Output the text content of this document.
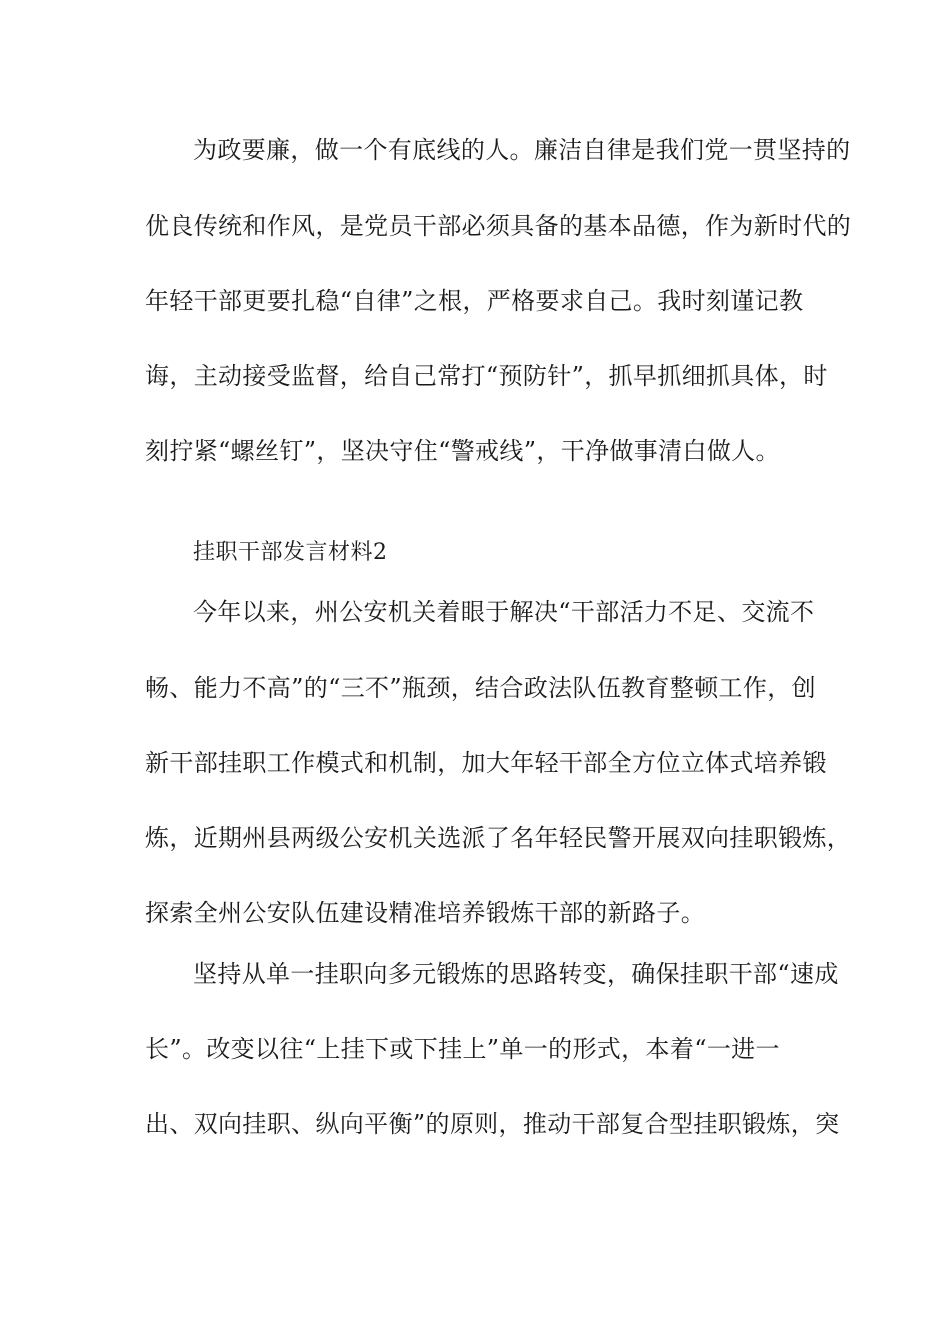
为政要廉，做一个有底线的人。廉洁自律是我们党一贯坚持的
优良传统和作风，是党员干部必须具备的基本品德，作为新时代的
年轻干部更要扎稳“自律”之根，严格要求自己。我时刻谨记教
诲，主动接受监督，给自己常打“预防针”，抓早抓细抓具体，时
刻拧紧“螺丝钉”，坚决守住“警戒线”，干净做事清白做人。
挂职干部发言材料2
今年以来，州公安机关着眼于解决“干部活力不足、交流不
畅、能力不高”的“三不”瓶颈，结合政法队伍教育整顿工作，创
新干部挂职工作模式和机制，加大年轻干部全方位立体式培养锻
炼，近期州县两级公安机关选派了名年轻民警开展双向挂职锻炼，
探索全州公安队伍建设精准培养锻炼干部的新路子。
坚持从单一挂职向多元锻炼的思路转变，确保挂职干部“速成
长”。改变以往“上挂下或下挂上”单一的形式，本着“一进一
出、双向挂职、纵向平衡”的原则，推动干部复合型挂职锻炼，突
